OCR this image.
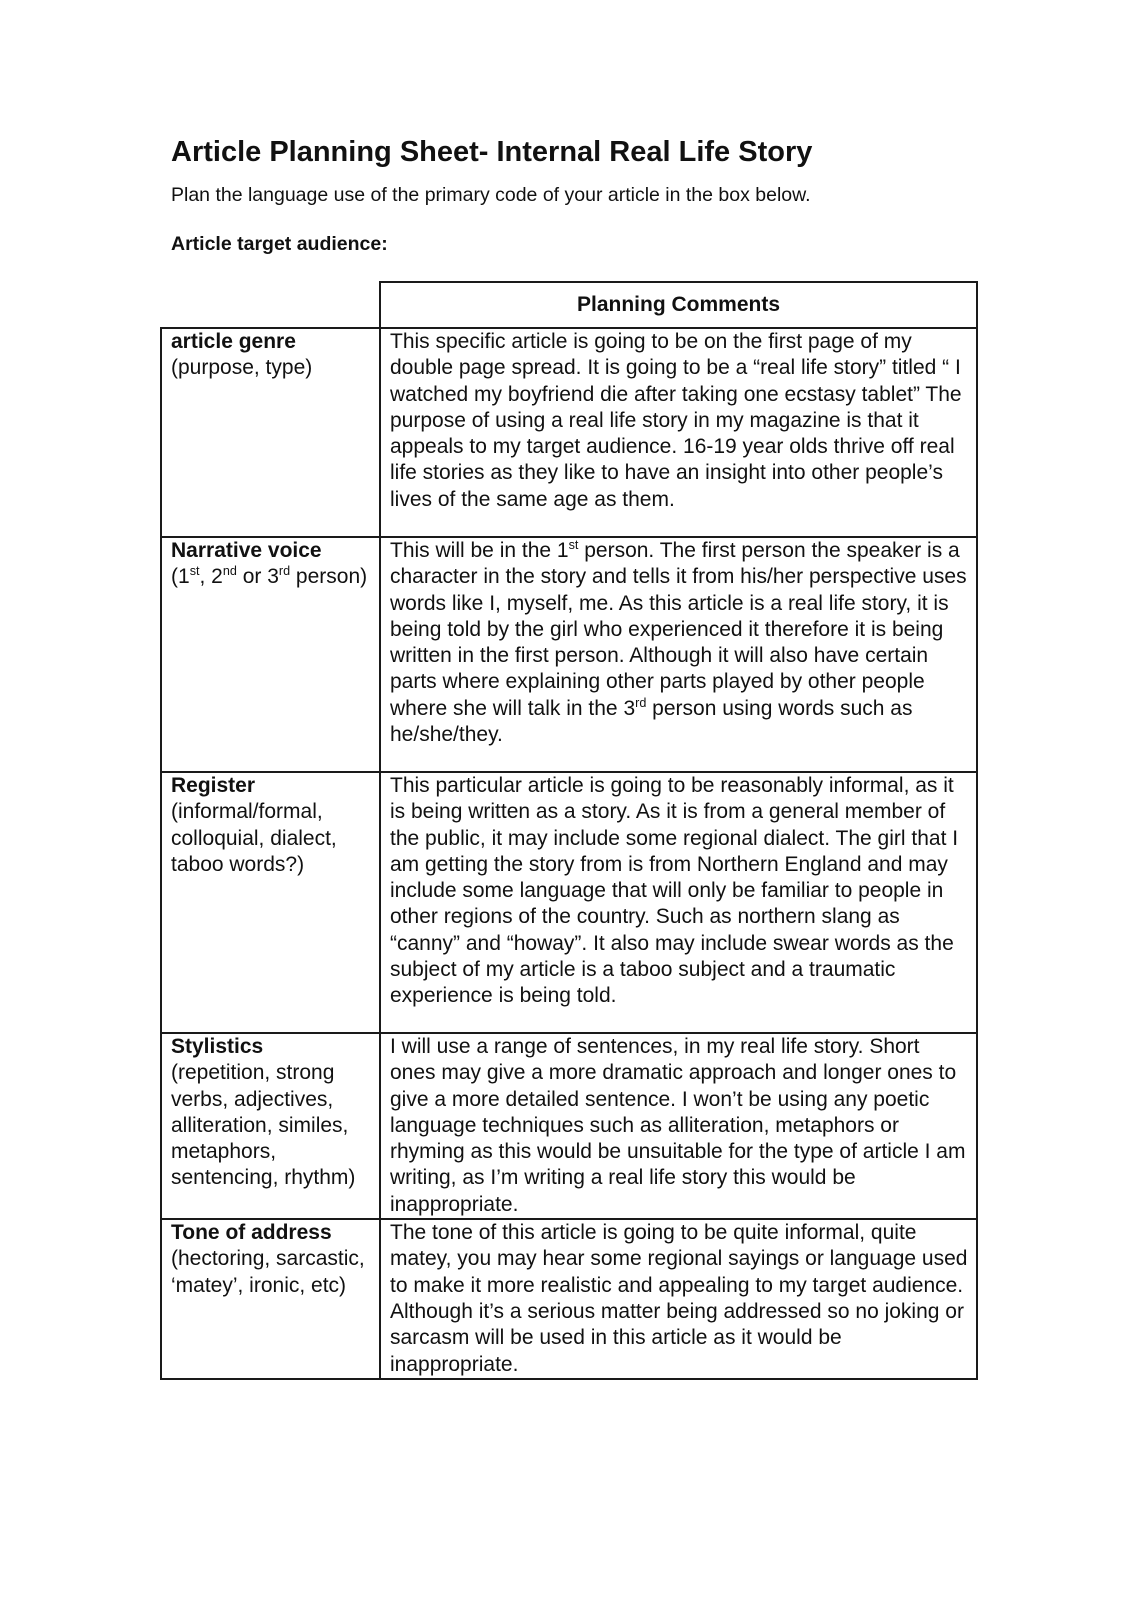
Article Planning Sheet- Internal Real Life Story
Plan the language use of the primary code of your article in the box below.
Article target audience:
	Planning Comments

article genre
(purpose, type)	This specific article is going to be on the first page of my double page spread. It is going to be a “real life story” titled “ I watched my boyfriend die after taking one ecstasy tablet” The purpose of using a real life story in my magazine is that it appeals to my target audience. 16-19 year olds thrive off real life stories as they like to have an insight into other people’s lives of the same age as them.

Narrative voice
(1st, 2nd or 3rd person)	This will be in the 1st person. The first person the speaker is a character in the story and tells it from his/her perspective uses words like I, myself, me. As this article is a real life story, it is being told by the girl who experienced it therefore it is being written in the first person. Although it will also have certain parts where explaining other parts played by other people where she will talk in the 3rd person using words such as he/she/they.

Register
(informal/formal, colloquial, dialect, taboo words?)	This particular article is going to be reasonably informal, as it is being written as a story. As it is from a general member of the public, it may include some regional dialect. The girl that I am getting the story from is from Northern England and may include some language that will only be familiar to people in other regions of the country. Such as northern slang as “canny” and “howay”. It also may include swear words as the subject of my article is a taboo subject and a traumatic experience is being told.

Stylistics
(repetition, strong verbs, adjectives, alliteration, similes, metaphors, sentencing, rhythm)	I will use a range of sentences, in my real life story. Short ones may give a more dramatic approach and longer ones to give a more detailed sentence. I won’t be using any poetic language techniques such as alliteration, metaphors or rhyming as this would be unsuitable for the type of article I am writing, as I’m writing a real life story this would be inappropriate.

Tone of address
(hectoring, sarcastic, ‘matey’, ironic, etc)	The tone of this article is going to be quite informal, quite matey, you may hear some regional sayings or language used to make it more realistic and appealing to my target audience. Although it’s a serious matter being addressed so no joking or sarcasm will be used in this article as it would be inappropriate.
